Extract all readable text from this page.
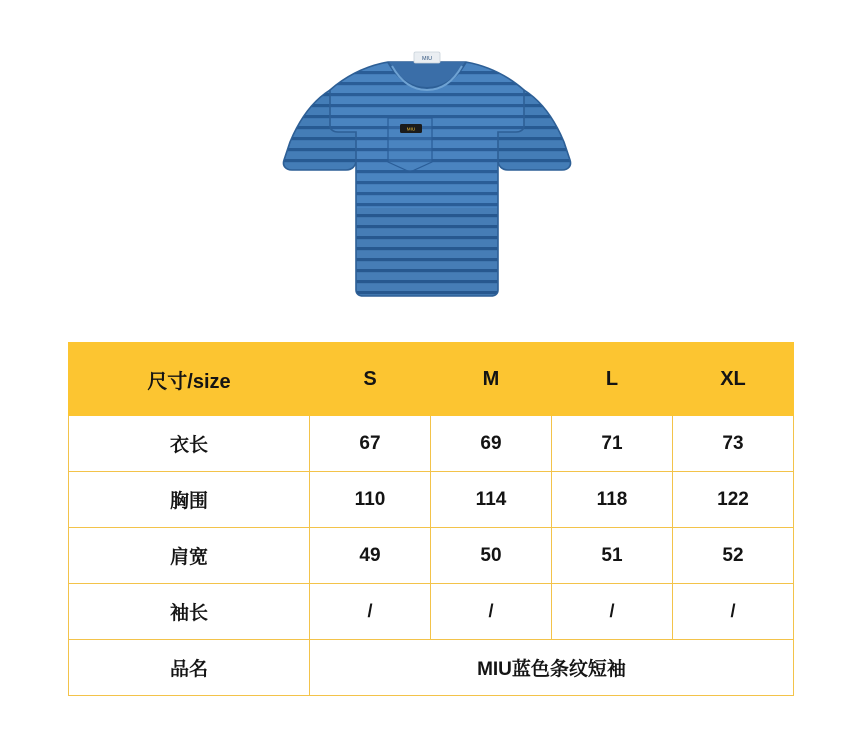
MIU
MIU
尺寸/size	S	M	L	XL
衣长	67	69	71	73
胸围	110	114	118	122
肩宽	49	50	51	52
袖长	/	/	/	/
品名	MIU蓝色条纹短袖			
